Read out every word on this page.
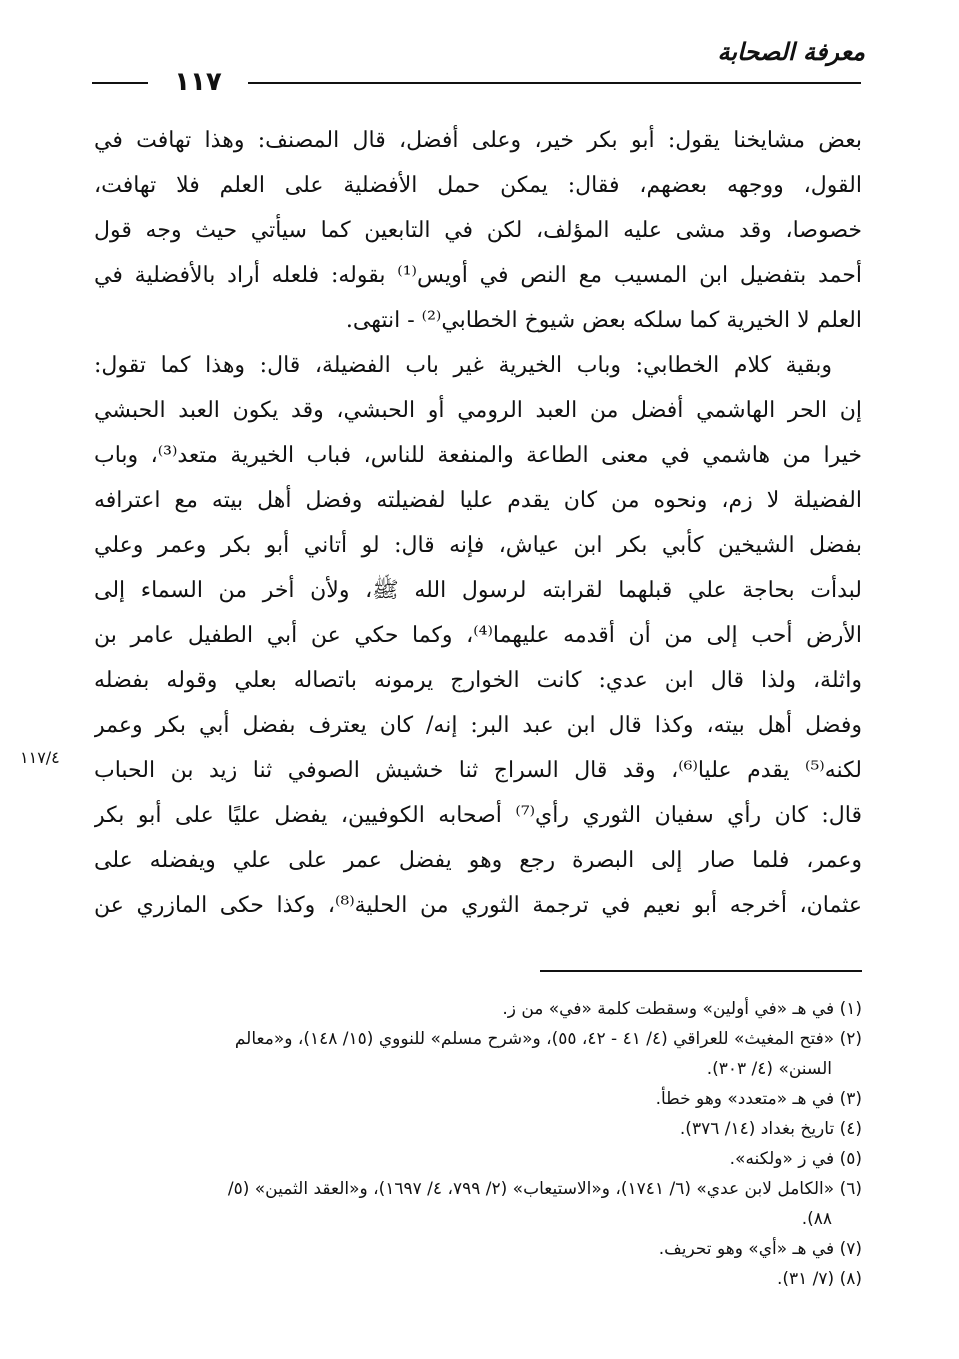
معرفة الصحابة
١١٧
بعض مشايخنا يقول: أبو بكر خير، وعلى أفضل، قال المصنف: وهذا تهافت في
القول، ووجهه بعضهم، فقال: يمكن حمل الأفضلية على العلم فلا تهافت،
خصوصا، وقد مشى عليه المؤلف، لكن في التابعين كما سيأتي حيث وجه قول
أحمد بتفضيل ابن المسيب مع النص في أويس⁽¹⁾ بقوله: فلعله أراد بالأفضلية في
العلم لا الخيرية كما سلكه بعض شيوخ الخطابي⁽²⁾ - انتهى.
وبقية كلام الخطابي: وباب الخيرية غير باب الفضيلة، قال: وهذا كما تقول:
إن الحر الهاشمي أفضل من العبد الرومي أو الحبشي، وقد يكون العبد الحبشي
خيرا من هاشمي في معنى الطاعة والمنفعة للناس، فباب الخيرية متعد⁽³⁾، وباب
الفضيلة لا زم، ونحوه من كان يقدم عليا لفضيلته وفضل أهل بيته مع اعترافه
بفضل الشيخين كأبي بكر ابن عياش، فإنه قال: لو أتاني أبو بكر وعمر وعلي
لبدأت بحاجة علي قبلهما لقرابته لرسول الله ﷺ، ولأن أخر من السماء إلى
الأرض أحب إلى من أن أقدمه عليهما⁽⁴⁾، وكما حكي عن أبي الطفيل عامر بن
واثلة، ولذا قال ابن عدي: كانت الخوارج يرمونه باتصاله بعلي وقوله بفضله
وفضل أهل بيته، وكذا قال ابن عبد البر: إنه/ كان يعترف بفضل أبي بكر وعمر
لكنه⁽⁵⁾ يقدم عليا⁽⁶⁾، وقد قال السراج ثنا خشيش الصوفي ثنا زيد بن الحباب
قال: كان رأي سفيان الثوري رأي⁽⁷⁾ أصحابه الكوفيين، يفضل عليًا على أبو بكر
وعمر، فلما صار إلى البصرة رجع وهو يفضل عمر على علي ويفضله على
عثمان، أخرجه أبو نعيم في ترجمة الثوري من الحلية⁽⁸⁾، وكذا حكى المازري عن
١١٧/٤
(١) في هـ «في أولين» وسقطت كلمة «في» من ز.
(٢) «فتح المغيث» للعراقي (٤/ ٤١ - ٤٢، ٥٥)، و«شرح مسلم» للنووي (١٥/ ١٤٨)، و«معالم
السنن» (٤/ ٣٠٣).
(٣) في هـ «متعدد» وهو خطأ.
(٤) تاريخ بغداد (١٤/ ٣٧٦).
(٥) في ز «ولكنه».
(٦) «الكامل لابن عدي» (٦/ ١٧٤١)، و«الاستيعاب» (٢/ ٧٩٩، ٤/ ١٦٩٧)، و«العقد الثمين» (٥/
٨٨).
(٧) في هـ «أي» وهو تحريف.
(٨) (٧/ ٣١).
